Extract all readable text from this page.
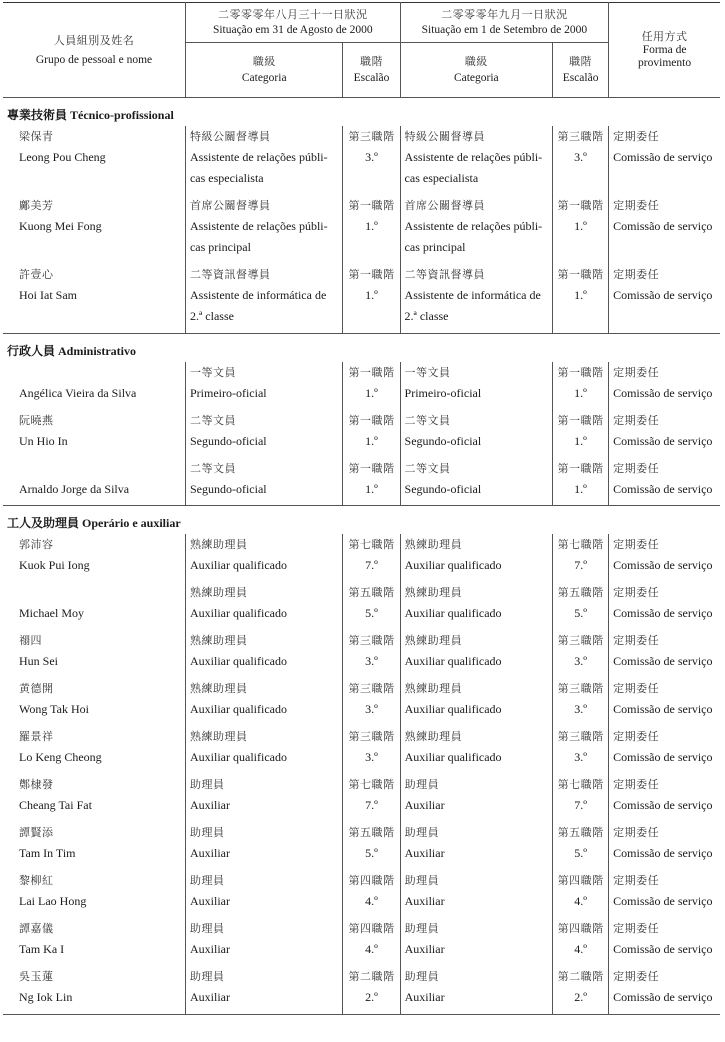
人員組別及姓名
Grupo de pessoal e nome	二零零零年八月三十一日狀況
Situação em 31 de Agosto de 2000		二零零零年九月一日狀況
Situação em 1 de Setembro de 2000		任用方式
Forma de
provimento
	職級
Categoria	職階
Escalão	職級
Categoria	職階
Escalão	
專業技術員 Técnico-profissional					

梁保青
Leong Pou Cheng	特級公關督導員
Assistente de relações públi-
cas especialista	第三職階
3.º	特級公關督導員
Assistente de relações públi-
cas especialista	第三職階
3.º	定期委任
Comissão de serviço

鄺美芳
Kuong Mei Fong	首席公關督導員
Assistente de relações públi-
cas principal	第一職階
1.º	首席公關督導員
Assistente de relações públi-
cas principal	第一職階
1.º	定期委任
Comissão de serviço

許壹心
Hoi Iat Sam	二等資訊督導員
Assistente de informática de
2.ª classe	第一職階
1.º	二等資訊督導員
Assistente de informática de
2.ª classe	第一職階
1.º	定期委任
Comissão de serviço

行政人員 Administrativo					

Angélica Vieira da Silva	一等文員
Primeiro-oficial	第一職階
1.º	一等文員
Primeiro-oficial	第一職階
1.º	定期委任
Comissão de serviço

阮曉燕
Un Hio In	二等文員
Segundo-oficial	第一職階
1.º	二等文員
Segundo-oficial	第一職階
1.º	定期委任
Comissão de serviço

Arnaldo Jorge da Silva	二等文員
Segundo-oficial	第一職階
1.º	二等文員
Segundo-oficial	第一職階
1.º	定期委任
Comissão de serviço

工人及助理員 Operário e auxiliar					

郭沛容
Kuok Pui Iong	熟練助理員
Auxiliar qualificado	第七職階
7.º	熟練助理員
Auxiliar qualificado	第七職階
7.º	定期委任
Comissão de serviço

Michael Moy	熟練助理員
Auxiliar qualificado	第五職階
5.º	熟練助理員
Auxiliar qualificado	第五職階
5.º	定期委任
Comissão de serviço

禤四
Hun Sei	熟練助理員
Auxiliar qualificado	第三職階
3.º	熟練助理員
Auxiliar qualificado	第三職階
3.º	定期委任
Comissão de serviço

黄德開
Wong Tak Hoi	熟練助理員
Auxiliar qualificado	第三職階
3.º	熟練助理員
Auxiliar qualificado	第三職階
3.º	定期委任
Comissão de serviço

羅景祥
Lo Keng Cheong	熟練助理員
Auxiliar qualificado	第三職階
3.º	熟練助理員
Auxiliar qualificado	第三職階
3.º	定期委任
Comissão de serviço

鄭棣發
Cheang Tai Fat	助理員
Auxiliar	第七職階
7.º	助理員
Auxiliar	第七職階
7.º	定期委任
Comissão de serviço

譚賢添
Tam In Tim	助理員
Auxiliar	第五職階
5.º	助理員
Auxiliar	第五職階
5.º	定期委任
Comissão de serviço

黎柳紅
Lai Lao Hong	助理員
Auxiliar	第四職階
4.º	助理員
Auxiliar	第四職階
4.º	定期委任
Comissão de serviço

譚嘉儀
Tam Ka I	助理員
Auxiliar	第四職階
4.º	助理員
Auxiliar	第四職階
4.º	定期委任
Comissão de serviço

吳玉蓮
Ng Iok Lin	助理員
Auxiliar	第二職階
2.º	助理員
Auxiliar	第二職階
2.º	定期委任
Comissão de serviço
